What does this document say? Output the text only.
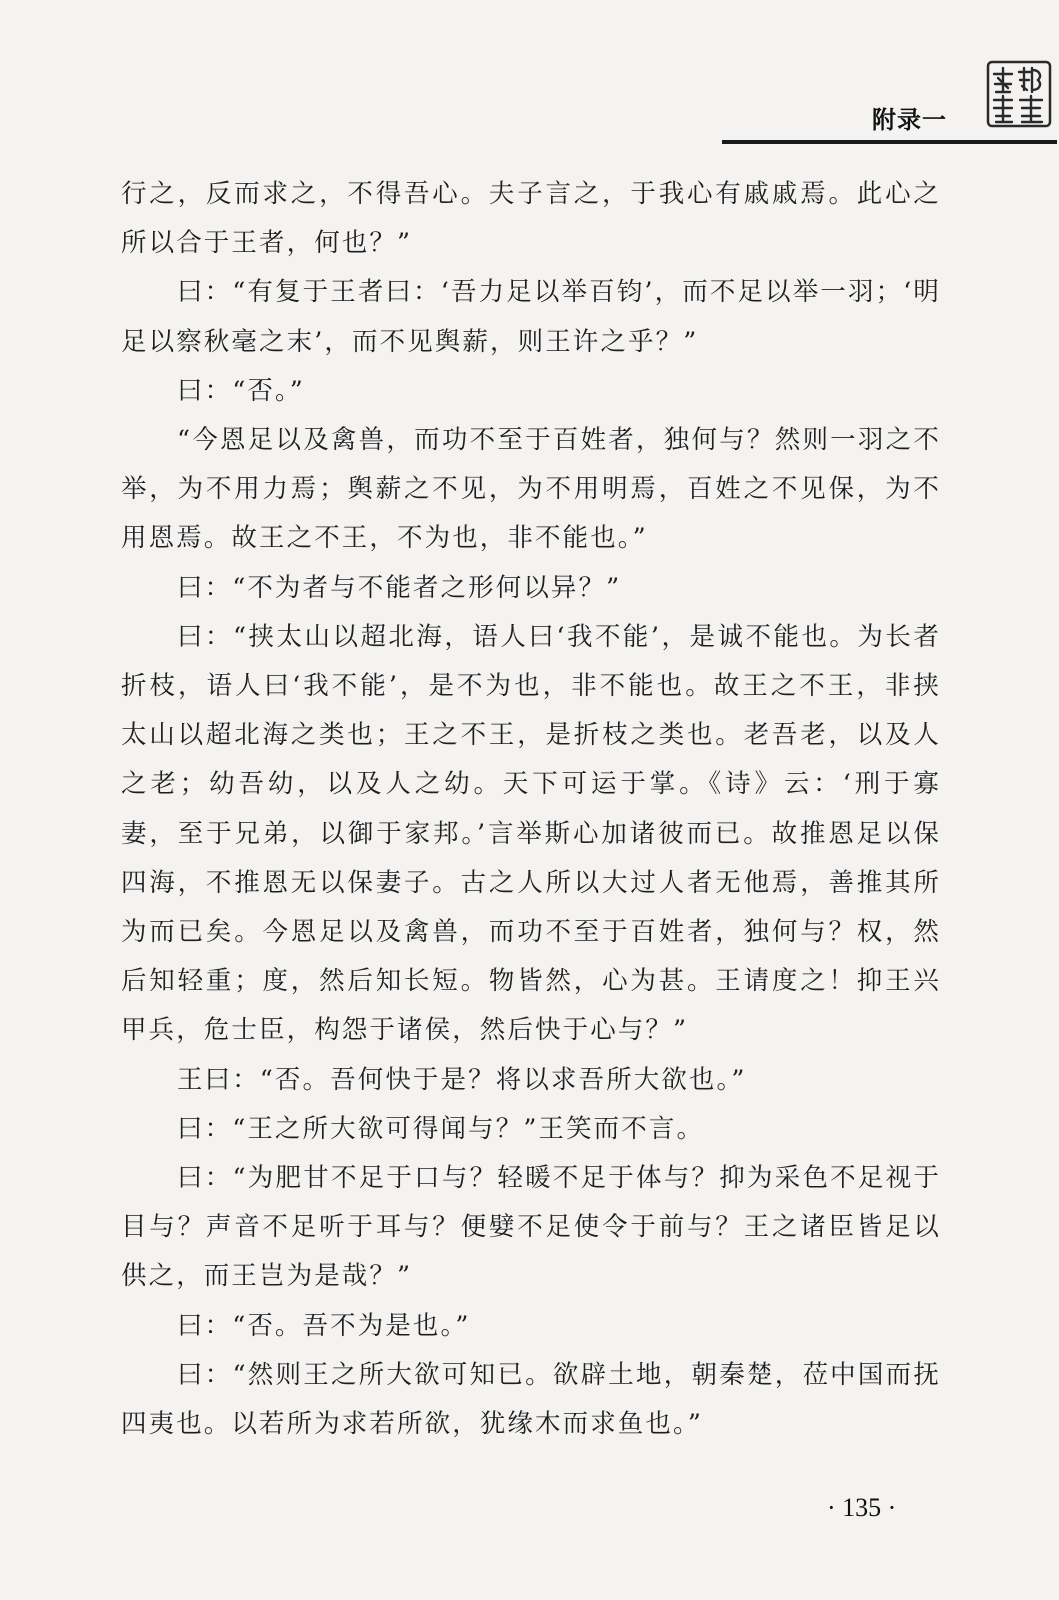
附录一

行之，反而求之，不得吾心。夫子言之，于我心有戚戚焉。此心之所以合于王者，何也？”

曰：“有复于王者曰：‘吾力足以举百钧’，而不足以举一羽；‘明足以察秋毫之末’，而不见舆薪，则王许之乎？”

曰：“否。”

“今恩足以及禽兽，而功不至于百姓者，独何与？然则一羽之不举，为不用力焉；舆薪之不见，为不用明焉，百姓之不见保，为不用恩焉。故王之不王，不为也，非不能也。”

曰：“不为者与不能者之形何以异？”

曰：“挟太山以超北海，语人曰‘我不能’，是诚不能也。为长者折枝，语人曰‘我不能’，是不为也，非不能也。故王之不王，非挟太山以超北海之类也；王之不王，是折枝之类也。老吾老，以及人之老；幼吾幼，以及人之幼。天下可运于掌。《诗》云：‘刑于寡妻，至于兄弟，以御于家邦。’言举斯心加诸彼而已。故推恩足以保四海，不推恩无以保妻子。古之人所以大过人者无他焉，善推其所为而已矣。今恩足以及禽兽，而功不至于百姓者，独何与？权，然后知轻重；度，然后知长短。物皆然，心为甚。王请度之！抑王兴甲兵，危士臣，构怨于诸侯，然后快于心与？”

王曰：“否。吾何快于是？将以求吾所大欲也。”

曰：“王之所大欲可得闻与？”王笑而不言。

曰：“为肥甘不足于口与？轻暖不足于体与？抑为采色不足视于目与？声音不足听于耳与？便嬖不足使令于前与？王之诸臣皆足以供之，而王岂为是哉？”

曰：“否。吾不为是也。”

曰：“然则王之所大欲可知已。欲辟土地，朝秦楚，莅中国而抚四夷也。以若所为求若所欲，犹缘木而求鱼也。”

· 135 ·
